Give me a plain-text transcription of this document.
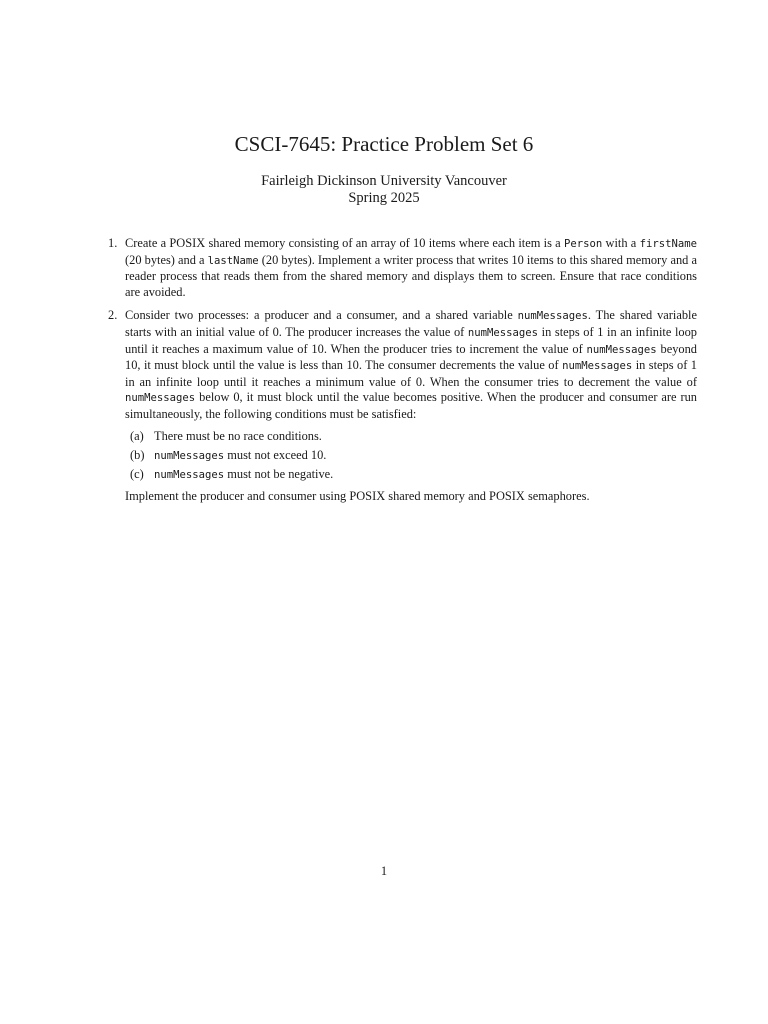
CSCI-7645: Practice Problem Set 6
Fairleigh Dickinson University Vancouver
Spring 2025
1. Create a POSIX shared memory consisting of an array of 10 items where each item is a Person with a firstName (20 bytes) and a lastName (20 bytes). Implement a writer process that writes 10 items to this shared memory and a reader process that reads them from the shared memory and displays them to screen. Ensure that race conditions are avoided.
2. Consider two processes: a producer and a consumer, and a shared variable numMessages. The shared variable starts with an initial value of 0. The producer increases the value of numMessages in steps of 1 in an infinite loop until it reaches a maximum value of 10. When the producer tries to increment the value of numMessages beyond 10, it must block until the value is less than 10. The consumer decrements the value of numMessages in steps of 1 in an infinite loop until it reaches a minimum value of 0. When the consumer tries to decrement the value of numMessages below 0, it must block until the value becomes positive. When the producer and consumer are run simultaneously, the following conditions must be satisfied:
(a) There must be no race conditions.
(b) numMessages must not exceed 10.
(c) numMessages must not be negative.
Implement the producer and consumer using POSIX shared memory and POSIX semaphores.
1
